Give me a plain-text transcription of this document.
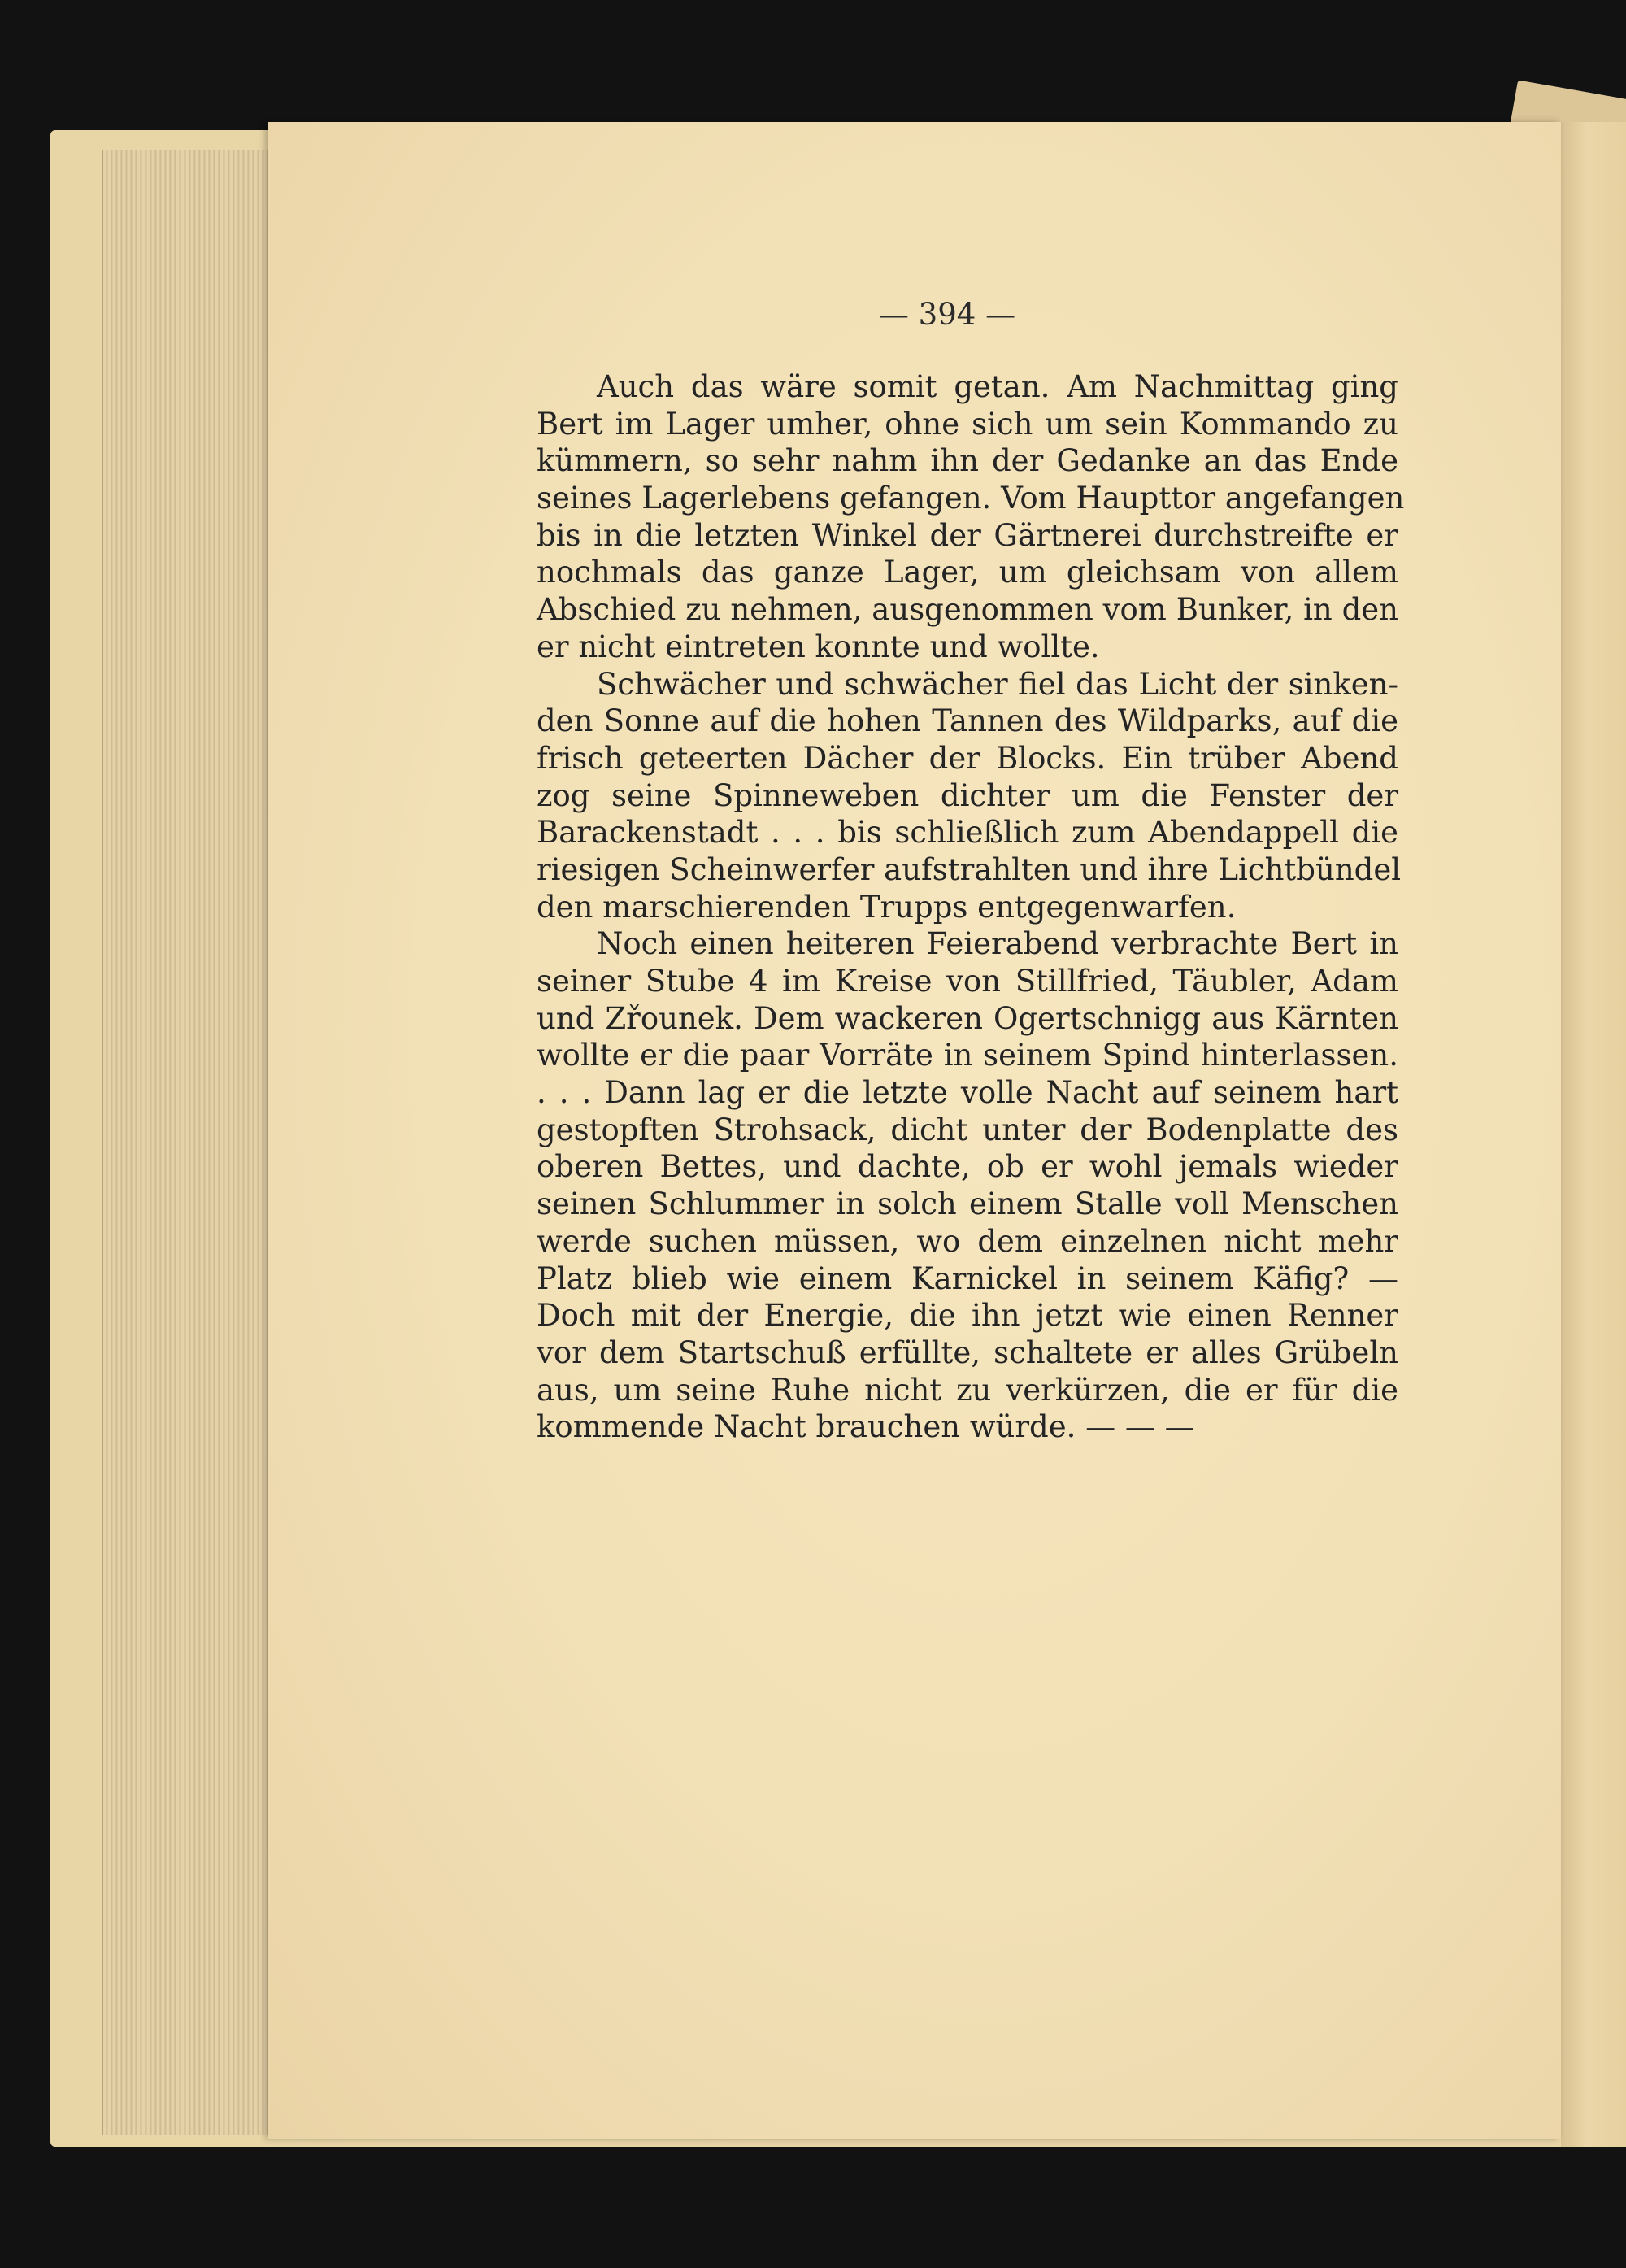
— 394 —
Auch das wäre somit getan. Am Nachmittag ging
Bert im Lager umher, ohne sich um sein Kommando zu
kümmern, so sehr nahm ihn der Gedanke an das Ende
seines Lagerlebens gefangen. Vom Haupttor angefangen
bis in die letzten Winkel der Gärtnerei durchstreifte er
nochmals das ganze Lager, um gleichsam von allem
Abschied zu nehmen, ausgenommen vom Bunker, in den
er nicht eintreten konnte und wollte.
Schwächer und schwächer fiel das Licht der sinken-
den Sonne auf die hohen Tannen des Wildparks, auf die
frisch geteerten Dächer der Blocks. Ein trüber Abend
zog seine Spinneweben dichter um die Fenster der
Barackenstadt . . . bis schließlich zum Abendappell die
riesigen Scheinwerfer aufstrahlten und ihre Lichtbündel
den marschierenden Trupps entgegenwarfen.
Noch einen heiteren Feierabend verbrachte Bert in
seiner Stube 4 im Kreise von Stillfried, Täubler, Adam
und Zřounek. Dem wackeren Ogertschnigg aus Kärnten
wollte er die paar Vorräte in seinem Spind hinterlassen.
. . . Dann lag er die letzte volle Nacht auf seinem hart
gestopften Strohsack, dicht unter der Bodenplatte des
oberen Bettes, und dachte, ob er wohl jemals wieder
seinen Schlummer in solch einem Stalle voll Menschen
werde suchen müssen, wo dem einzelnen nicht mehr
Platz blieb wie einem Karnickel in seinem Käfig? —
Doch mit der Energie, die ihn jetzt wie einen Renner
vor dem Startschuß erfüllte, schaltete er alles Grübeln
aus, um seine Ruhe nicht zu verkürzen, die er für die
kommende Nacht brauchen würde. — — —
